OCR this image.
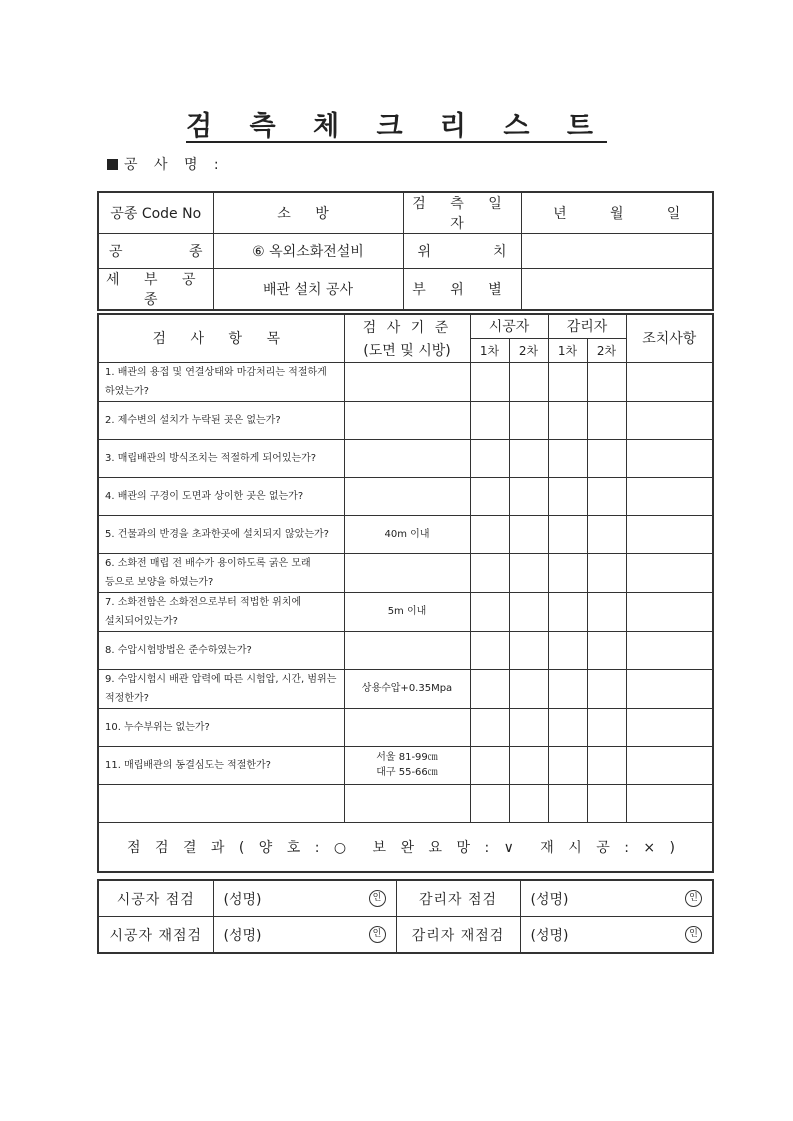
검 측 체 크 리 스 트
공 사 명 :
공종 Code No	소 방	검 측 일 자	년 월 일

공 종	⑥ 옥외소화전설비	위 치	
세 부 공 종	배관 설치 공사	부 위 별	
검 사 항 목	검 사 기 준	시공자		감리자		조치사항
	(도면 및 시방)	1차	2차	1차	2차	
1. 배관의 용접 및 연결상태와 마감처리는 적절하게 하였는가?						
2. 제수변의 설치가 누락된 곳은 없는가?						
3. 매립배관의 방식조치는 적절하게 되어있는가?						
4. 배관의 구경이 도면과 상이한 곳은 없는가?						
5. 건물과의 반경을 초과한곳에 설치되지 않았는가?	40m 이내					
6. 소화전 매립 전 배수가 용이하도록 굵은 모래 등으로 보양을 하였는가?						
7. 소화전함은 소화전으로부터 적법한 위치에 설치되어있는가?	5m 이내					
8. 수압시험방법은 준수하였는가?						
9. 수압시험시 배관 압력에 따른 시험압, 시간, 범위는 적정한가?	상용수압+0.35Mpa					
10. 누수부위는 없는가?						
11. 매립배관의 동결심도는 적절한가?	서울 81-99㎝
대구 55-66㎝					

점 검 결 과 ( 양 호 : ○ 보 완 요 망 : ∨ 재 시 공 : × )						
시공자 점검	(성명) 인	감리자 점검	(성명) 인

시공자 재점검	(성명) 인	감리자 재점검	(성명) 인
